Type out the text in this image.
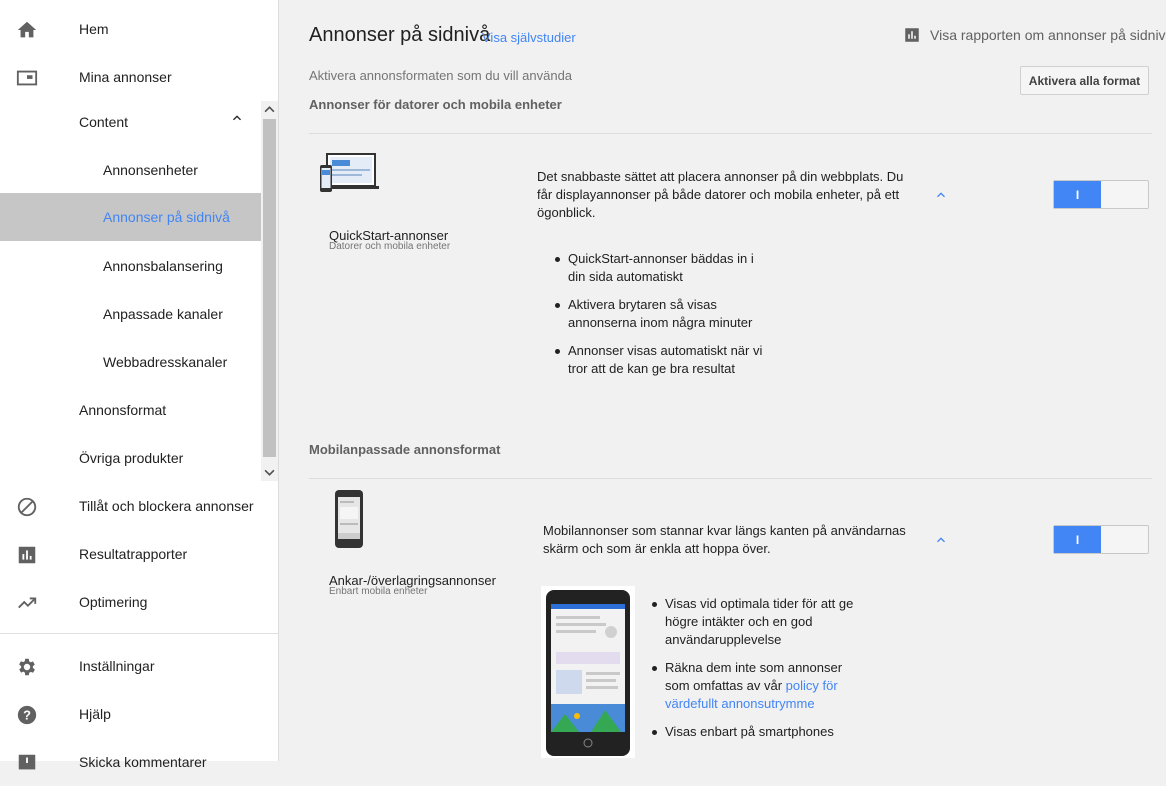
Hem
Mina annonser
Content
Annonsenheter
Annonser på sidnivå
Annonsbalansering
Anpassade kanaler
Webbadresskanaler
Annonsformat
Övriga produkter
Tillåt och blockera annonser
Resultatrapporter
Optimering
Inställningar
?	Hjälp
Skicka kommentarer
Annonser på sidnivå
Visa självstudier	Visa rapporten om annonser på sidniv
Aktivera annonsformaten som du vill använda	Aktivera alla format
Annonser för datorer och mobila enheter
QuickStart-annonser
Datorer och mobila enheter
Det snabbaste sättet att placera annonser på din webbplats. Du får displayannonser på både datorer och mobila enheter, på ett ögonblick.
I
QuickStart-annonser bäddas in i din sida automatiskt
Aktivera brytaren så visas annonserna inom några minuter
Annonser visas automatiskt när vi tror att de kan ge bra resultat
Mobilanpassade annonsformat
Ankar-/överlagringsannonser
Enbart mobila enheter
Mobilannonser som stannar kvar längs kanten på användarnas skärm och som är enkla att hoppa över.
I
Visas vid optimala tider för att ge högre intäkter och en god användarupplevelse
Räkna dem inte som annonser som omfattas av vår policy för värdefullt annonsutrymme
Visas enbart på smartphones
